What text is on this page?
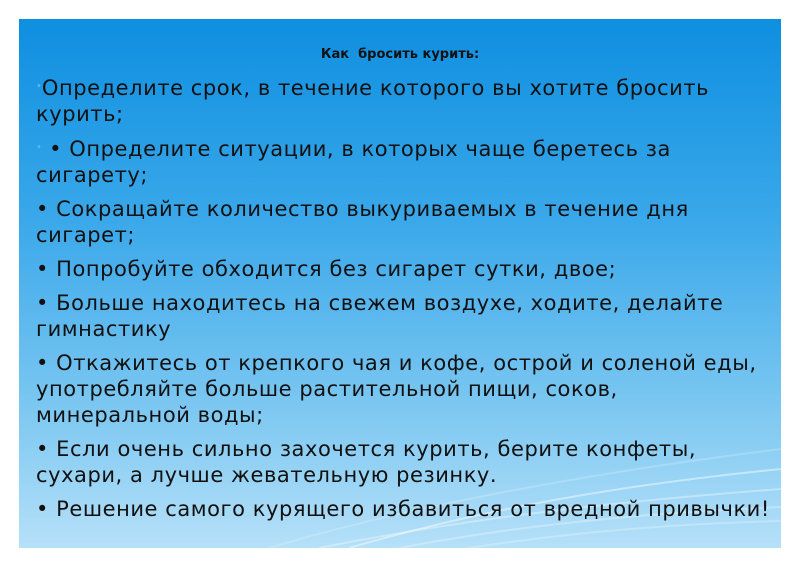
Как  бросить курить:
•Определите срок, в течение которого вы хотите бросить курить;
• • Определите ситуации, в которых чаще беретесь за сигарету;
• Сокращайте количество выкуриваемых в течение дня сигарет;
• Попробуйте обходится без сигарет сутки, двое;
• Больше находитесь на свежем воздухе, ходите, делайте гимнастику
• Откажитесь от крепкого чая и кофе, острой и соленой еды, употребляйте больше растительной пищи, соков, минеральной воды;
• Если очень сильно захочется курить, берите конфеты, сухари, а лучше жевательную резинку.
• Решение самого курящего избавиться от вредной привычки!
